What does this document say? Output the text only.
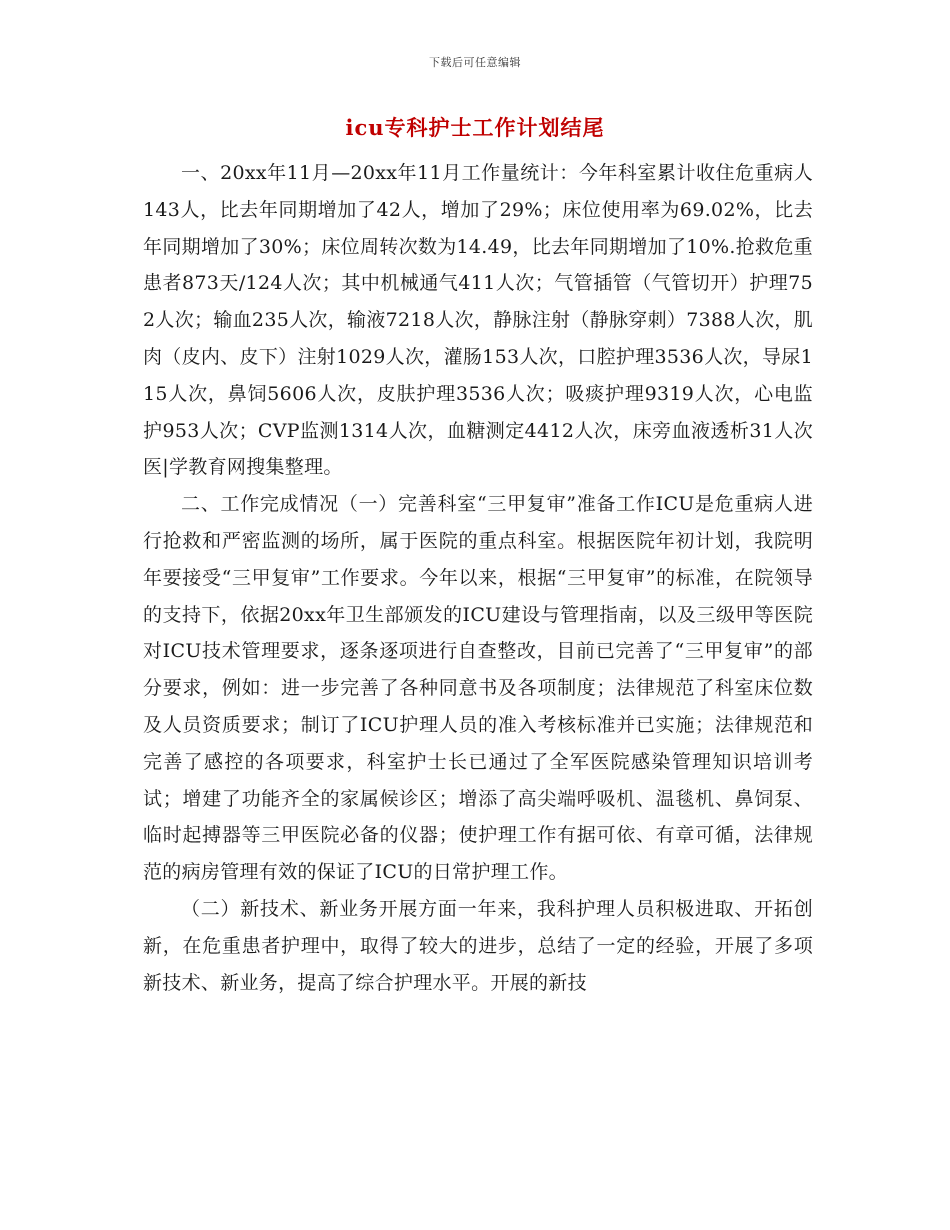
下载后可任意编辑
icu专科护士工作计划结尾

一、20xx年11月—20xx年11月工作量统计：今年科室累计收住危重病人143人，比去年同期增加了42人，增加了29%；床位使用率为69.02%，比去年同期增加了30%；床位周转次数为14.49，比去年同期增加了10%.抢救危重患者873天/124人次；其中机械通气411人次；气管插管（气管切开）护理752人次；输血235人次，输液7218人次，静脉注射（静脉穿刺）7388人次，肌肉（皮内、皮下）注射1029人次，灌肠153人次，口腔护理3536人次，导尿115人次，鼻饲5606人次，皮肤护理3536人次；吸痰护理9319人次，心电监护953人次；CVP监测1314人次，血糖测定4412人次，床旁血液透析31人次医|学教育网搜集整理。

二、工作完成情况（一）完善科室“三甲复审”准备工作ICU是危重病人进行抢救和严密监测的场所，属于医院的重点科室。根据医院年初计划，我院明年要接受“三甲复审”工作要求。今年以来，根据“三甲复审”的标准，在院领导的支持下，依据20xx年卫生部颁发的ICU建设与管理指南，以及三级甲等医院对ICU技术管理要求，逐条逐项进行自查整改，目前已完善了“三甲复审”的部分要求，例如：进一步完善了各种同意书及各项制度；法律规范了科室床位数及人员资质要求；制订了ICU护理人员的准入考核标准并已实施；法律规范和完善了感控的各项要求，科室护士长已通过了全军医院感染管理知识培训考试；增建了功能齐全的家属候诊区；增添了高尖端呼吸机、温毯机、鼻饲泵、临时起搏器等三甲医院必备的仪器；使护理工作有据可依、有章可循，法律规范的病房管理有效的保证了ICU的日常护理工作。

（二）新技术、新业务开展方面一年来，我科护理人员积极进取、开拓创新，在危重患者护理中，取得了较大的进步，总结了一定的经验，开展了多项新技术、新业务，提高了综合护理水平。开展的新技
